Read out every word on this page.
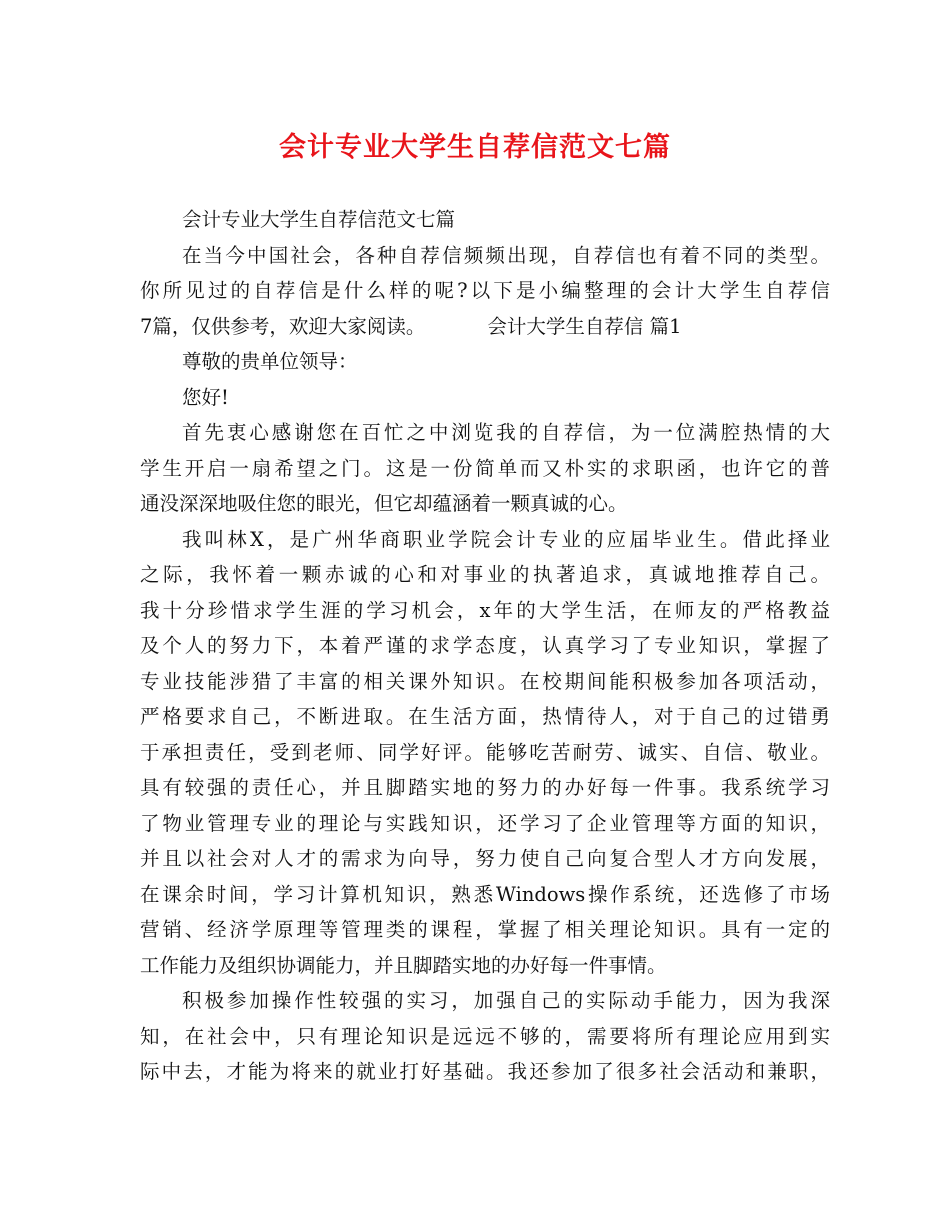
会计专业大学生自荐信范文七篇
会计专业大学生自荐信范文七篇
在当今中国社会，各种自荐信频频出现，自荐信也有着不同的类型。
你所见过的自荐信是什么样的呢?以下是小编整理的会计大学生自荐信
7篇，仅供参考，欢迎大家阅读。	会计大学生自荐信 篇1
尊敬的贵单位领导：
您好!
首先衷心感谢您在百忙之中浏览我的自荐信，为一位满腔热情的大
学生开启一扇希望之门。这是一份简单而又朴实的求职函，也许它的普
通没深深地吸住您的眼光，但它却蕴涵着一颗真诚的心。
我叫林X，是广州华商职业学院会计专业的应届毕业生。借此择业
之际，我怀着一颗赤诚的心和对事业的执著追求，真诚地推荐自己。
我十分珍惜求学生涯的学习机会，x年的大学生活，在师友的严格教益
及个人的努力下，本着严谨的求学态度，认真学习了专业知识，掌握了
专业技能涉猎了丰富的相关课外知识。在校期间能积极参加各项活动，
严格要求自己，不断进取。在生活方面，热情待人，对于自己的过错勇
于承担责任，受到老师、同学好评。能够吃苦耐劳、诚实、自信、敬业。
具有较强的责任心，并且脚踏实地的努力的办好每一件事。我系统学习
了物业管理专业的理论与实践知识，还学习了企业管理等方面的知识，
并且以社会对人才的需求为向导，努力使自己向复合型人才方向发展，
在课余时间，学习计算机知识，熟悉Windows操作系统，还选修了市场
营销、经济学原理等管理类的课程，掌握了相关理论知识。具有一定的
工作能力及组织协调能力，并且脚踏实地的办好每一件事情。
积极参加操作性较强的实习，加强自己的实际动手能力，因为我深
知，在社会中，只有理论知识是远远不够的，需要将所有理论应用到实
际中去，才能为将来的就业打好基础。我还参加了很多社会活动和兼职，
